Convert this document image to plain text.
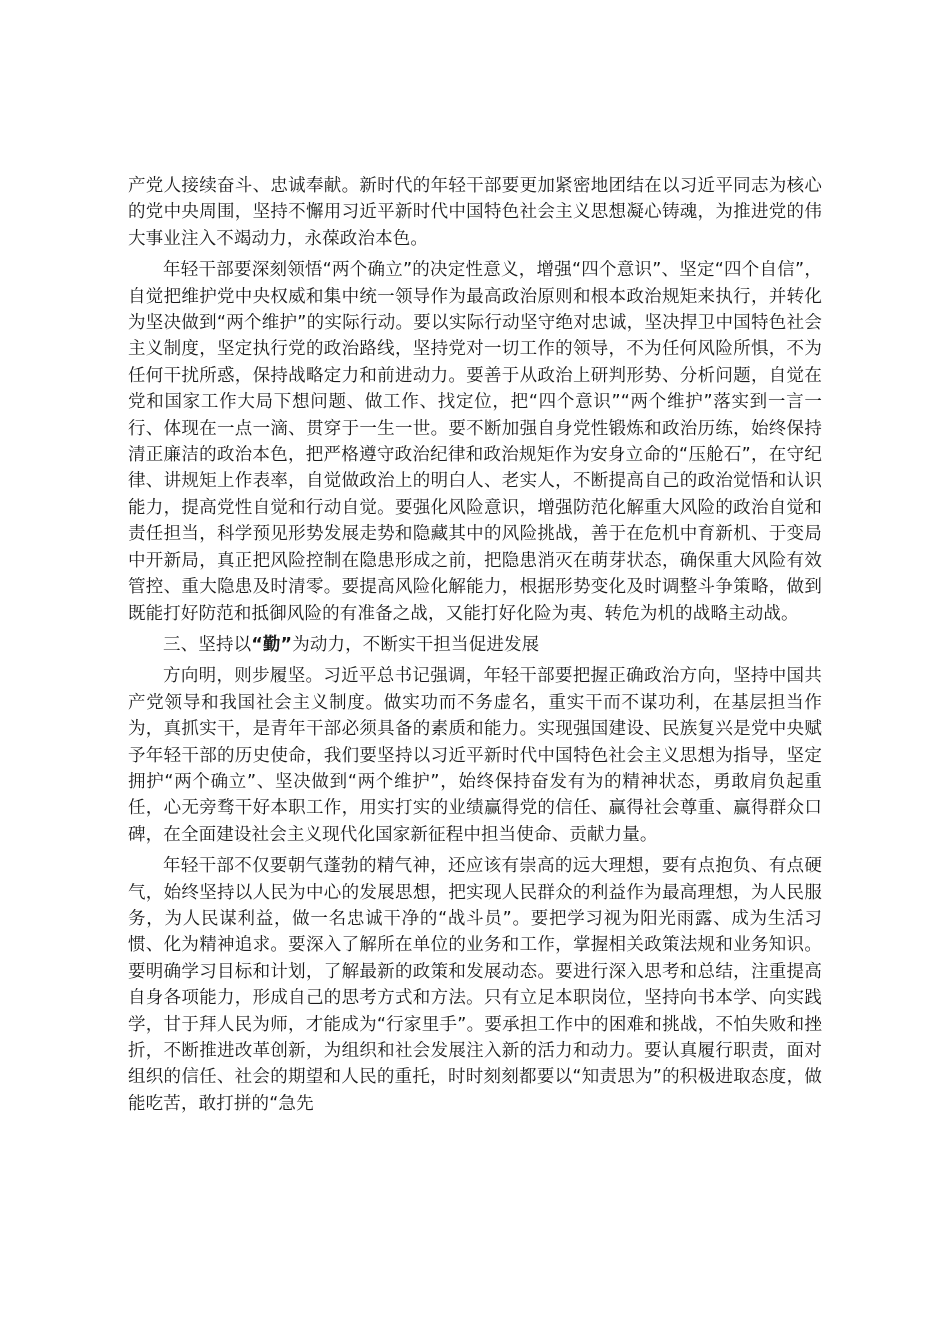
产党人接续奋斗、忠诚奉献。新时代的年轻干部要更加紧密地团结在以习近平同志为核心的党中央周围，坚持不懈用习近平新时代中国特色社会主义思想凝心铸魂，为推进党的伟大事业注入不竭动力，永葆政治本色。

年轻干部要深刻领悟“两个确立”的决定性意义，增强“四个意识”、坚定“四个自信”，自觉把维护党中央权威和集中统一领导作为最高政治原则和根本政治规矩来执行，并转化为坚决做到“两个维护”的实际行动。要以实际行动坚守绝对忠诚，坚决捍卫中国特色社会主义制度，坚定执行党的政治路线，坚持党对一切工作的领导，不为任何风险所惧，不为任何干扰所惑，保持战略定力和前进动力。要善于从政治上研判形势、分析问题，自觉在党和国家工作大局下想问题、做工作、找定位，把“四个意识”“两个维护”落实到一言一行、体现在一点一滴、贯穿于一生一世。要不断加强自身党性锻炼和政治历练，始终保持清正廉洁的政治本色，把严格遵守政治纪律和政治规矩作为安身立命的“压舱石”，在守纪律、讲规矩上作表率，自觉做政治上的明白人、老实人，不断提高自己的政治觉悟和认识能力，提高党性自觉和行动自觉。要强化风险意识，增强防范化解重大风险的政治自觉和责任担当，科学预见形势发展走势和隐藏其中的风险挑战，善于在危机中育新机、于变局中开新局，真正把风险控制在隐患形成之前，把隐患消灭在萌芽状态，确保重大风险有效管控、重大隐患及时清零。要提高风险化解能力，根据形势变化及时调整斗争策略，做到既能打好防范和抵御风险的有准备之战，又能打好化险为夷、转危为机的战略主动战。

三、坚持以“勤”为动力，不断实干担当促进发展

方向明，则步履坚。习近平总书记强调，年轻干部要把握正确政治方向，坚持中国共产党领导和我国社会主义制度。做实功而不务虚名，重实干而不谋功利，在基层担当作为，真抓实干，是青年干部必须具备的素质和能力。实现强国建设、民族复兴是党中央赋予年轻干部的历史使命，我们要坚持以习近平新时代中国特色社会主义思想为指导，坚定拥护“两个确立”、坚决做到“两个维护”，始终保持奋发有为的精神状态，勇敢肩负起重任，心无旁骛干好本职工作，用实打实的业绩赢得党的信任、赢得社会尊重、赢得群众口碑，在全面建设社会主义现代化国家新征程中担当使命、贡献力量。

年轻干部不仅要朝气蓬勃的精气神，还应该有崇高的远大理想，要有点抱负、有点硬气，始终坚持以人民为中心的发展思想，把实现人民群众的利益作为最高理想，为人民服务，为人民谋利益，做一名忠诚干净的“战斗员”。要把学习视为阳光雨露、成为生活习惯、化为精神追求。要深入了解所在单位的业务和工作，掌握相关政策法规和业务知识。要明确学习目标和计划，了解最新的政策和发展动态。要进行深入思考和总结，注重提高自身各项能力，形成自己的思考方式和方法。只有立足本职岗位，坚持向书本学、向实践学，甘于拜人民为师，才能成为“行家里手”。要承担工作中的困难和挑战，不怕失败和挫折，不断推进改革创新，为组织和社会发展注入新的活力和动力。要认真履行职责，面对组织的信任、社会的期望和人民的重托，时时刻刻都要以“知责思为”的积极进取态度，做能吃苦，敢打拼的“急先
